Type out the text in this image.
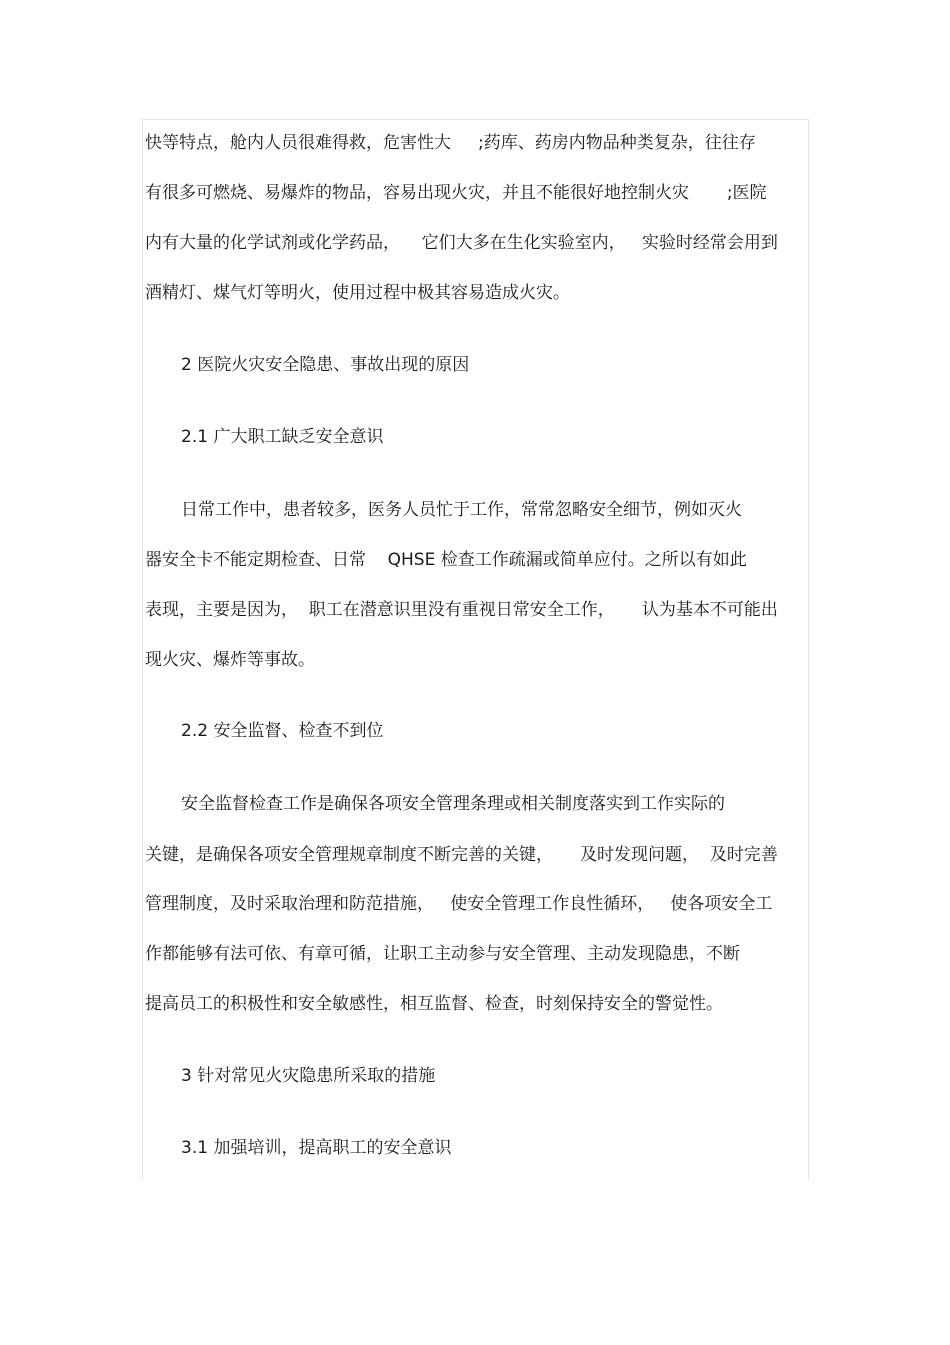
快等特点，舱内人员很难得救，危害性大     ;药库、药房内物品种类复杂，往往存
有很多可燃烧、易爆炸的物品，容易出现火灾，并且不能很好地控制火灾       ;医院
内有大量的化学试剂或化学药品，    它们大多在生化实验室内，   实验时经常会用到
酒精灯、煤气灯等明火，使用过程中极其容易造成火灾。
2 医院火灾安全隐患、事故出现的原因
2.1 广大职工缺乏安全意识
日常工作中，患者较多，医务人员忙于工作，常常忽略安全细节，例如灭火
器安全卡不能定期检查、日常    QHSE 检查工作疏漏或简单应付。之所以有如此
表现，主要是因为，  职工在潜意识里没有重视日常安全工作，     认为基本不可能出
现火灾、爆炸等事故。
2.2 安全监督、检查不到位
安全监督检查工作是确保各项安全管理条理或相关制度落实到工作实际的
关键，是确保各项安全管理规章制度不断完善的关键，     及时发现问题，  及时完善
管理制度，及时采取治理和防范措施，   使安全管理工作良性循环，   使各项安全工
作都能够有法可依、有章可循，让职工主动参与安全管理、主动发现隐患，不断
提高员工的积极性和安全敏感性，相互监督、检查，时刻保持安全的警觉性。
3 针对常见火灾隐患所采取的措施
3.1 加强培训，提高职工的安全意识
